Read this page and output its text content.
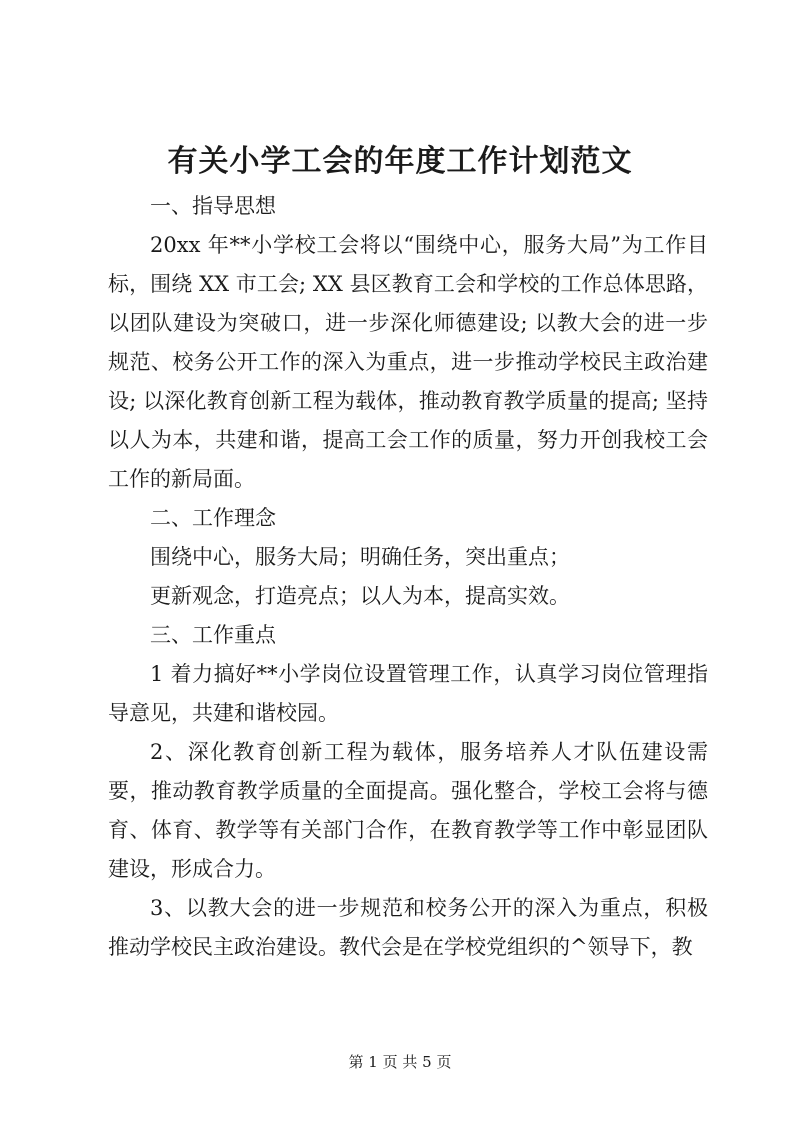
有关小学工会的年度工作计划范文

一、指导思想

20xx 年**小学校工会将以“围绕中心，服务大局”为工作目标，围绕 XX 市工会; XX 县区教育工会和学校的工作总体思路，以团队建设为突破口，进一步深化师德建设; 以教大会的进一步规范、校务公开工作的深入为重点，进一步推动学校民主政治建设; 以深化教育创新工程为载体，推动教育教学质量的提高; 坚持以人为本，共建和谐，提高工会工作的质量，努力开创我校工会工作的新局面。

二、工作理念

围绕中心，服务大局；明确任务，突出重点；

更新观念，打造亮点；以人为本，提高实效。

三、工作重点

1 着力搞好**小学岗位设置管理工作，认真学习岗位管理指导意见，共建和谐校园。

2、深化教育创新工程为载体，服务培养人才队伍建设需要，推动教育教学质量的全面提高。强化整合，学校工会将与德育、体育、教学等有关部门合作，在教育教学等工作中彰显团队建设，形成合力。

3、以教大会的进一步规范和校务公开的深入为重点，积极推动学校民主政治建设。教代会是在学校党组织的^领导下，教

第 1 页 共 5 页
